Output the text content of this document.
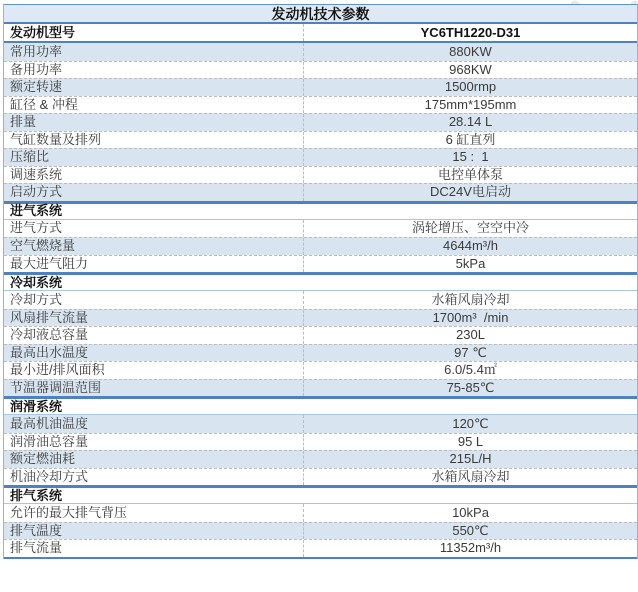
发动机技术参数
发动机型号	YC6TH1220-D31
常用功率	880KW
备用功率	968KW
额定转速	1500rmp
缸径 & 冲程	175mm*195mm
排量	28.14 L
气缸数量及排列	6 缸直列
压缩比	15 :  1
调速系统	电控单体泵
启动方式	DC24V电启动
进气系统
进气方式	涡轮增压、空空中冷
空气燃烧量	4644m³/h
最大进气阻力	5kPa
冷却系统
冷却方式	水箱风扇冷却
风扇排气流量	1700m³  /min
冷却液总容量	230L
最高出水温度	97 ℃
最小进/排风面积	6.0/5.4㎡
节温器调温范围	75-85℃
润滑系统
最高机油温度	120℃
润滑油总容量	95 L
额定燃油耗	215L/H
机油冷却方式	水箱风扇冷却
排气系统
允许的最大排气背压	10kPa
排气温度	550℃
排气流量	11352m³/h
